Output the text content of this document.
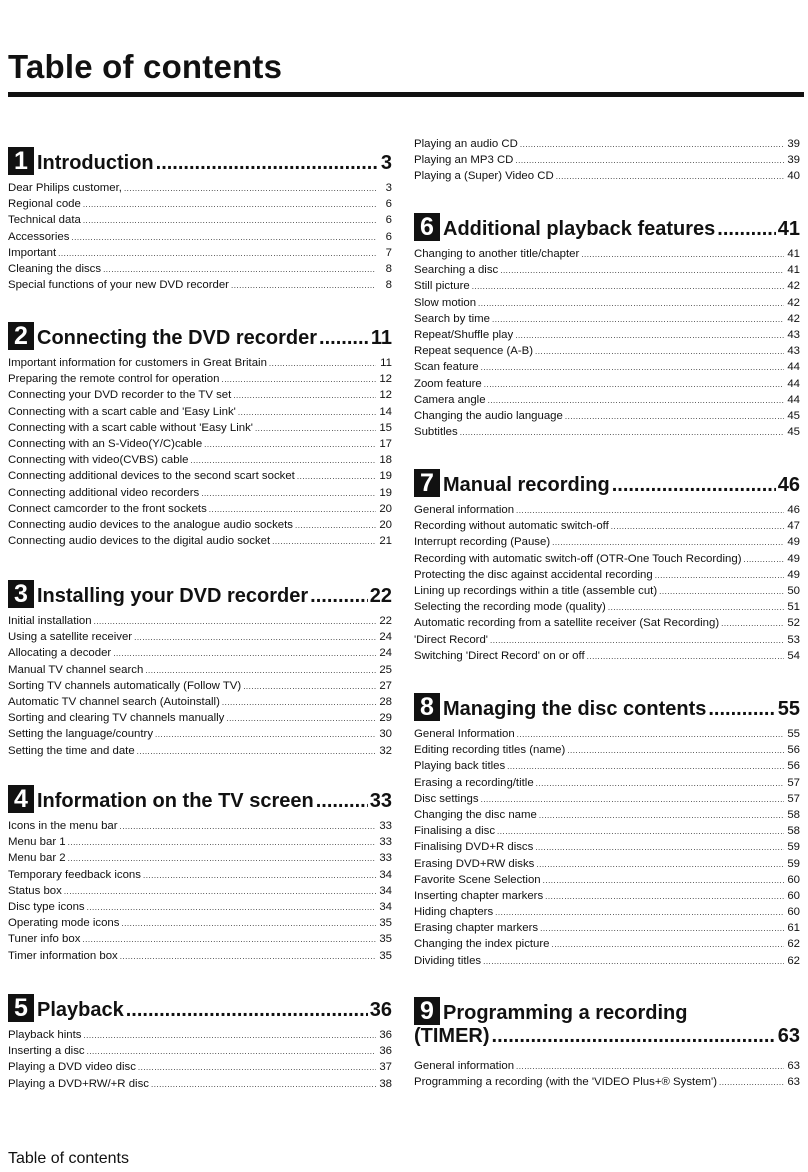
Table of contents
1 Introduction .....	3
Dear Philips customer, .....	3
Regional code .....	6
Technical data .....	6
Accessories .....	6
Important .....	7
Cleaning the discs .....	8
Special functions of your new DVD recorder .....	8
2 Connecting the DVD recorder .....	11
Important information for customers in Great Britain .....	11
Preparing the remote control for operation .....	12
Connecting your DVD recorder to the TV set .....	12
Connecting with a scart cable and 'Easy Link' .....	14
Connecting with a scart cable without 'Easy Link' .....	15
Connecting with an S-Video(Y/C)cable .....	17
Connecting with video(CVBS) cable .....	18
Connecting additional devices to the second scart socket .....	19
Connecting additional video recorders .....	19
Connect camcorder to the front sockets .....	20
Connecting audio devices to the analogue audio sockets .....	20
Connecting audio devices to the digital audio socket .....	21
3 Installing your DVD recorder .....	22
Initial installation .....	22
Using a satellite receiver .....	24
Allocating a decoder .....	24
Manual TV channel search .....	25
Sorting TV channels automatically (Follow TV) .....	27
Automatic TV channel search (Autoinstall) .....	28
Sorting and clearing TV channels manually .....	29
Setting the language/country .....	30
Setting the time and date .....	32
4 Information on the TV screen .....	33
Icons in the menu bar .....	33
Menu bar 1 .....	33
Menu bar 2 .....	33
Temporary feedback icons .....	34
Status box .....	34
Disc type icons .....	34
Operating mode icons .....	35
Tuner info box .....	35
Timer information box .....	35
5 Playback .....	36
Playback hints .....	36
Inserting a disc .....	36
Playing a DVD video disc .....	37
Playing a DVD+RW/+R disc .....	38
Playing an audio CD .....	39
Playing an MP3 CD .....	39
Playing a (Super) Video CD .....	40
6 Additional playback features .....	41
Changing to another title/chapter .....	41
Searching a disc .....	41
Still picture .....	42
Slow motion .....	42
Search by time .....	42
Repeat/Shuffle play .....	43
Repeat sequence (A-B) .....	43
Scan feature .....	44
Zoom feature .....	44
Camera angle .....	44
Changing the audio language .....	45
Subtitles .....	45
7 Manual recording .....	46
General information .....	46
Recording without automatic switch-off .....	47
Interrupt recording (Pause) .....	49
Recording with automatic switch-off (OTR-One Touch Recording) .....	49
Protecting the disc against accidental recording .....	49
Lining up recordings within a title (assemble cut) .....	50
Selecting the recording mode (quality) .....	51
Automatic recording from a satellite receiver (Sat Recording) .....	52
'Direct Record' .....	53
Switching 'Direct Record' on or off .....	54
8 Managing the disc contents .....	55
General Information .....	55
Editing recording titles (name) .....	56
Playing back titles .....	56
Erasing a recording/title .....	57
Disc settings .....	57
Changing the disc name .....	58
Finalising a disc .....	58
Finalising DVD+R discs .....	59
Erasing DVD+RW disks .....	59
Favorite Scene Selection .....	60
Inserting chapter markers .....	60
Hiding chapters .....	60
Erasing chapter markers .....	61
Changing the index picture .....	62
Dividing titles .....	62
9 Programming a recording
(TIMER) .....	63
General information .....	63
Programming a recording (with the 'VIDEO Plus+® System') .....	63
Table of contents
